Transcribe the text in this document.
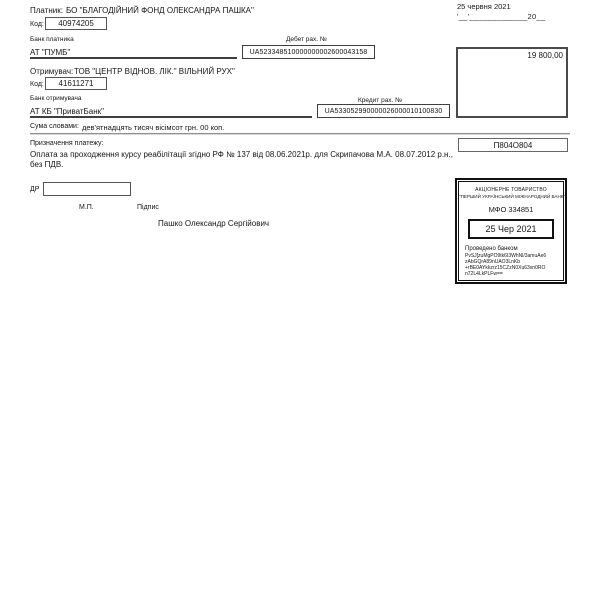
25 червня 2021
'__'_____________20__
Платник: БО "БЛАГОДІЙНИЙ ФОНД ОЛЕКСАНДРА ПАШКА"
Код: 40974205
Банк платника	Дебет рах. №
АТ "ПУМБ"	UA523348510000000002600043158	19 800,00
Отримувач: ТОВ "ЦЕНТР ВІДНОВ. ЛІК." ВІЛЬНИЙ РУХ"
Код: 41611271
Банк отримувача	Кредит рах. №
АТ КБ "ПриватБанк"	UA533052990000026000010100830
Сума словами: дев'ятнадцять тисяч вісімсот грн. 00 коп.
Призначення платежу:
Оплата за проходження курсу реабілітації згідно РФ № 137 від 08.06.2021р. для Скрипачова М.А. 08.07.2012 р.н., без ПДВ.
П804О804
ДР
М.П.	Підпис
Пашко Олександр Сергійович
АКЦІОНЕРНЕ ТОВАРИСТВО
"ПЕРШИЙ УКРАЇНСЬКИЙ МІЖНАРОДНИЙ БАНК"
МФО 334851
25 Чер 2021
Проведено банком
PvSJ[zuMgPO9tk6I3WhNl/3amuAe6
zAbGQrA89nUAO3LnKb
+rBE0AYkkzrz15CZzN0Xu63xn0RO
n72L4LkPLFw==
